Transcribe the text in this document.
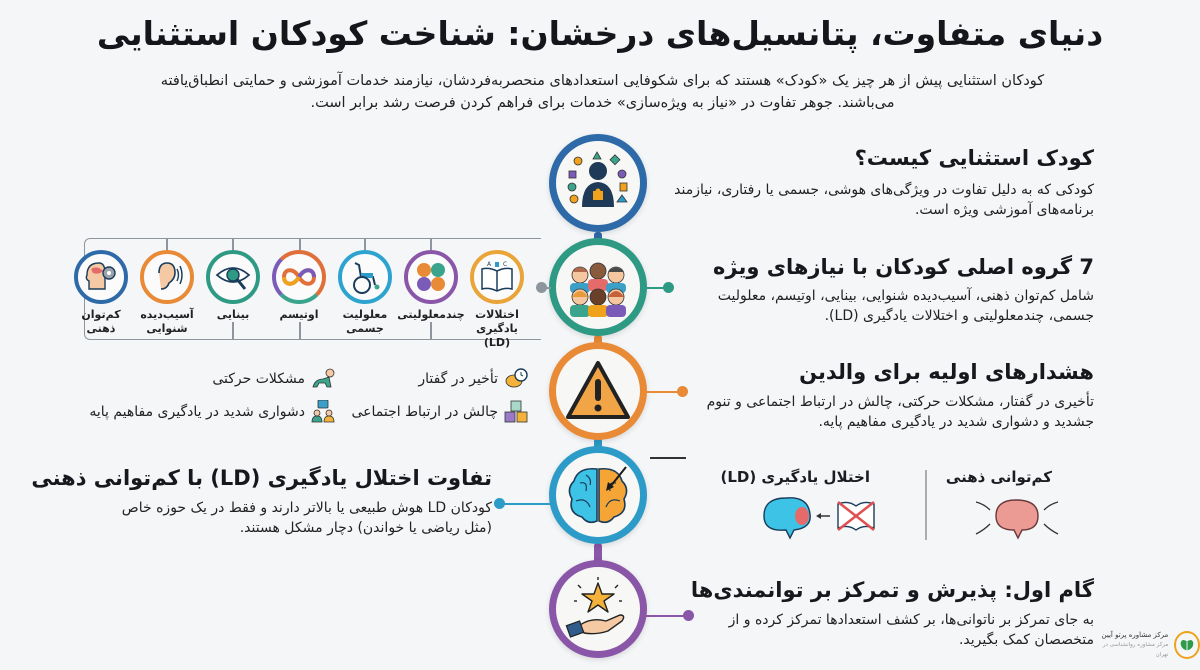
دنیای متفاوت، پتانسیل‌های درخشان: شناخت کودکان استثنایی
کودکان استثنایی پیش از هر چیز یک «کودک» هستند که برای شکوفایی استعدادهای منحصربه‌فردشان، نیازمند خدمات آموزشی و حمایتی انطباق‌یافته
می‌باشند. جوهر تفاوت در «نیاز به ویژه‌سازی» خدمات برای فراهم کردن فرصت رشد برابر است.
کودک استثنایی کیست؟
کودکی که به دلیل تفاوت در ویژگی‌های هوشی، جسمی یا رفتاری، نیازمند برنامه‌های آموزشی ویژه است.
7 گروه اصلی کودکان با نیازهای ویژه
شامل کم‌توان ذهنی، آسیب‌دیده شنوایی، بینایی، اوتیسم، معلولیت جسمی، چندمعلولیتی و اختلالات یادگیری (LD).
هشدارهای اولیه برای والدین
تأخیری در گفتار، مشکلات حرکتی، چالش در ارتباط اجتماعی و تنوم جشدید و دشواری شدید در یادگیری مفاهیم پایه.
تفاوت اختلال یادگیری (LD) با کم‌توانی ذهنی
کودکان LD هوش طبیعی یا بالاتر دارند و فقط در یک حوزه خاص (مثل ریاضی یا خواندن) دچار مشکل هستند.
گام اول: پذیرش و تمرکز بر توانمندی‌ها
به جای تمرکز بر ناتوانی‌ها، بر کشف استعدادها تمرکز کرده و از متخصصان کمک بگیرید.
A C
اختلالات
یادگیری (LD)
چندمعلولیتی
معلولیت
جسمی
اوتیسم
بینایی
آسیب‌دیده
شنوایی
کم‌توان
ذهنی
تأخیر در گفتار
مشکلات حرکتی
چالش در ارتباط اجتماعی
دشواری شدید در یادگیری مفاهیم پایه
اختلال یادگیری (LD)	کم‌توانی ذهنی
مرکز مشاوره پرتو آیین
مرکز مشاوره روانشناسی در تهران
